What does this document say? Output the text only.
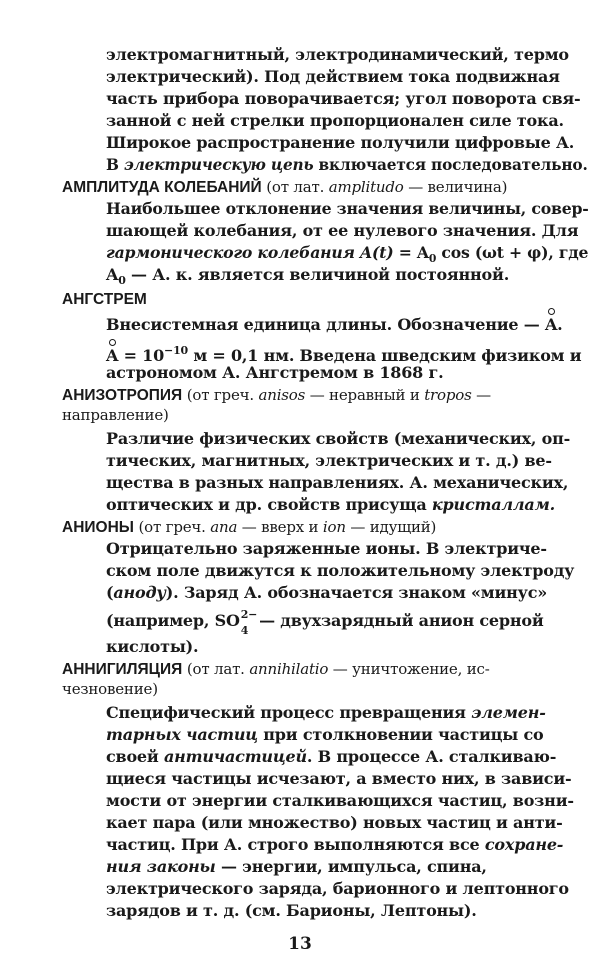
электромагнитный, электродинамический, термо
электрический). Под действием тока подвижная
часть прибора поворачивается; угол поворота свя-
занной с ней стрелки пропорционален силе тока.
Широкое распространение получили цифровые А.
В электрическую цепь включается последовательно.
АМПЛИТУДА КОЛЕБАНИЙ (от лат. amplitudo — величина)
Наибольшее отклонение значения величины, совер-
шающей колебания, от ее нулевого значения. Для
гармонического колебания $A(t) = A_0$ cos (ωt + φ), где
$A_0$ — А. к. является величиной постоянной.
АНГСТРЕМ
Внесистемная единица длины. Обозначение — A.
$A = 10^{-10}$ м = 0,1 нм. Введена шведским физиком и
астрономом А. Ангстремом в 1868 г.
АНИЗОТРОПИЯ (от греч. anisos — неравный и tropos —
направление)
Различие физических свойств (механических, оп-
тических, магнитных, электрических и т. д.) ве-
щества в разных направлениях. А. механических,
оптических и др. свойств присуща кристаллам.
АНИОНЫ (от греч. ana — вверх и ion — идущий)
Отрицательно заряженные ионы. В электриче-
ском поле движутся к положительному электроду
(аноду). Заряд А. обозначается знаком «минус»
(например, SO 2−
4
— двухзарядный анион серной
кислоты).
АННИГИЛЯЦИЯ (от лат. annihilatio — уничтожение, ис-
чезновение)
Специфический процесс превращения элемен-
тарных частиц при столкновении частицы со
своей античастицей. В процессе А. сталкиваю-
щиеся частицы исчезают, а вместо них, в зависи-
мости от энергии сталкивающихся частиц, возни-
кает пара (или множество) новых частиц и анти-
частиц. При А. строго выполняются все сохране-
ния законы — энергии, импульса, спина,
электрического заряда, барионного и лептонного
зарядов и т. д. (см. Барионы, Лептоны).
13
